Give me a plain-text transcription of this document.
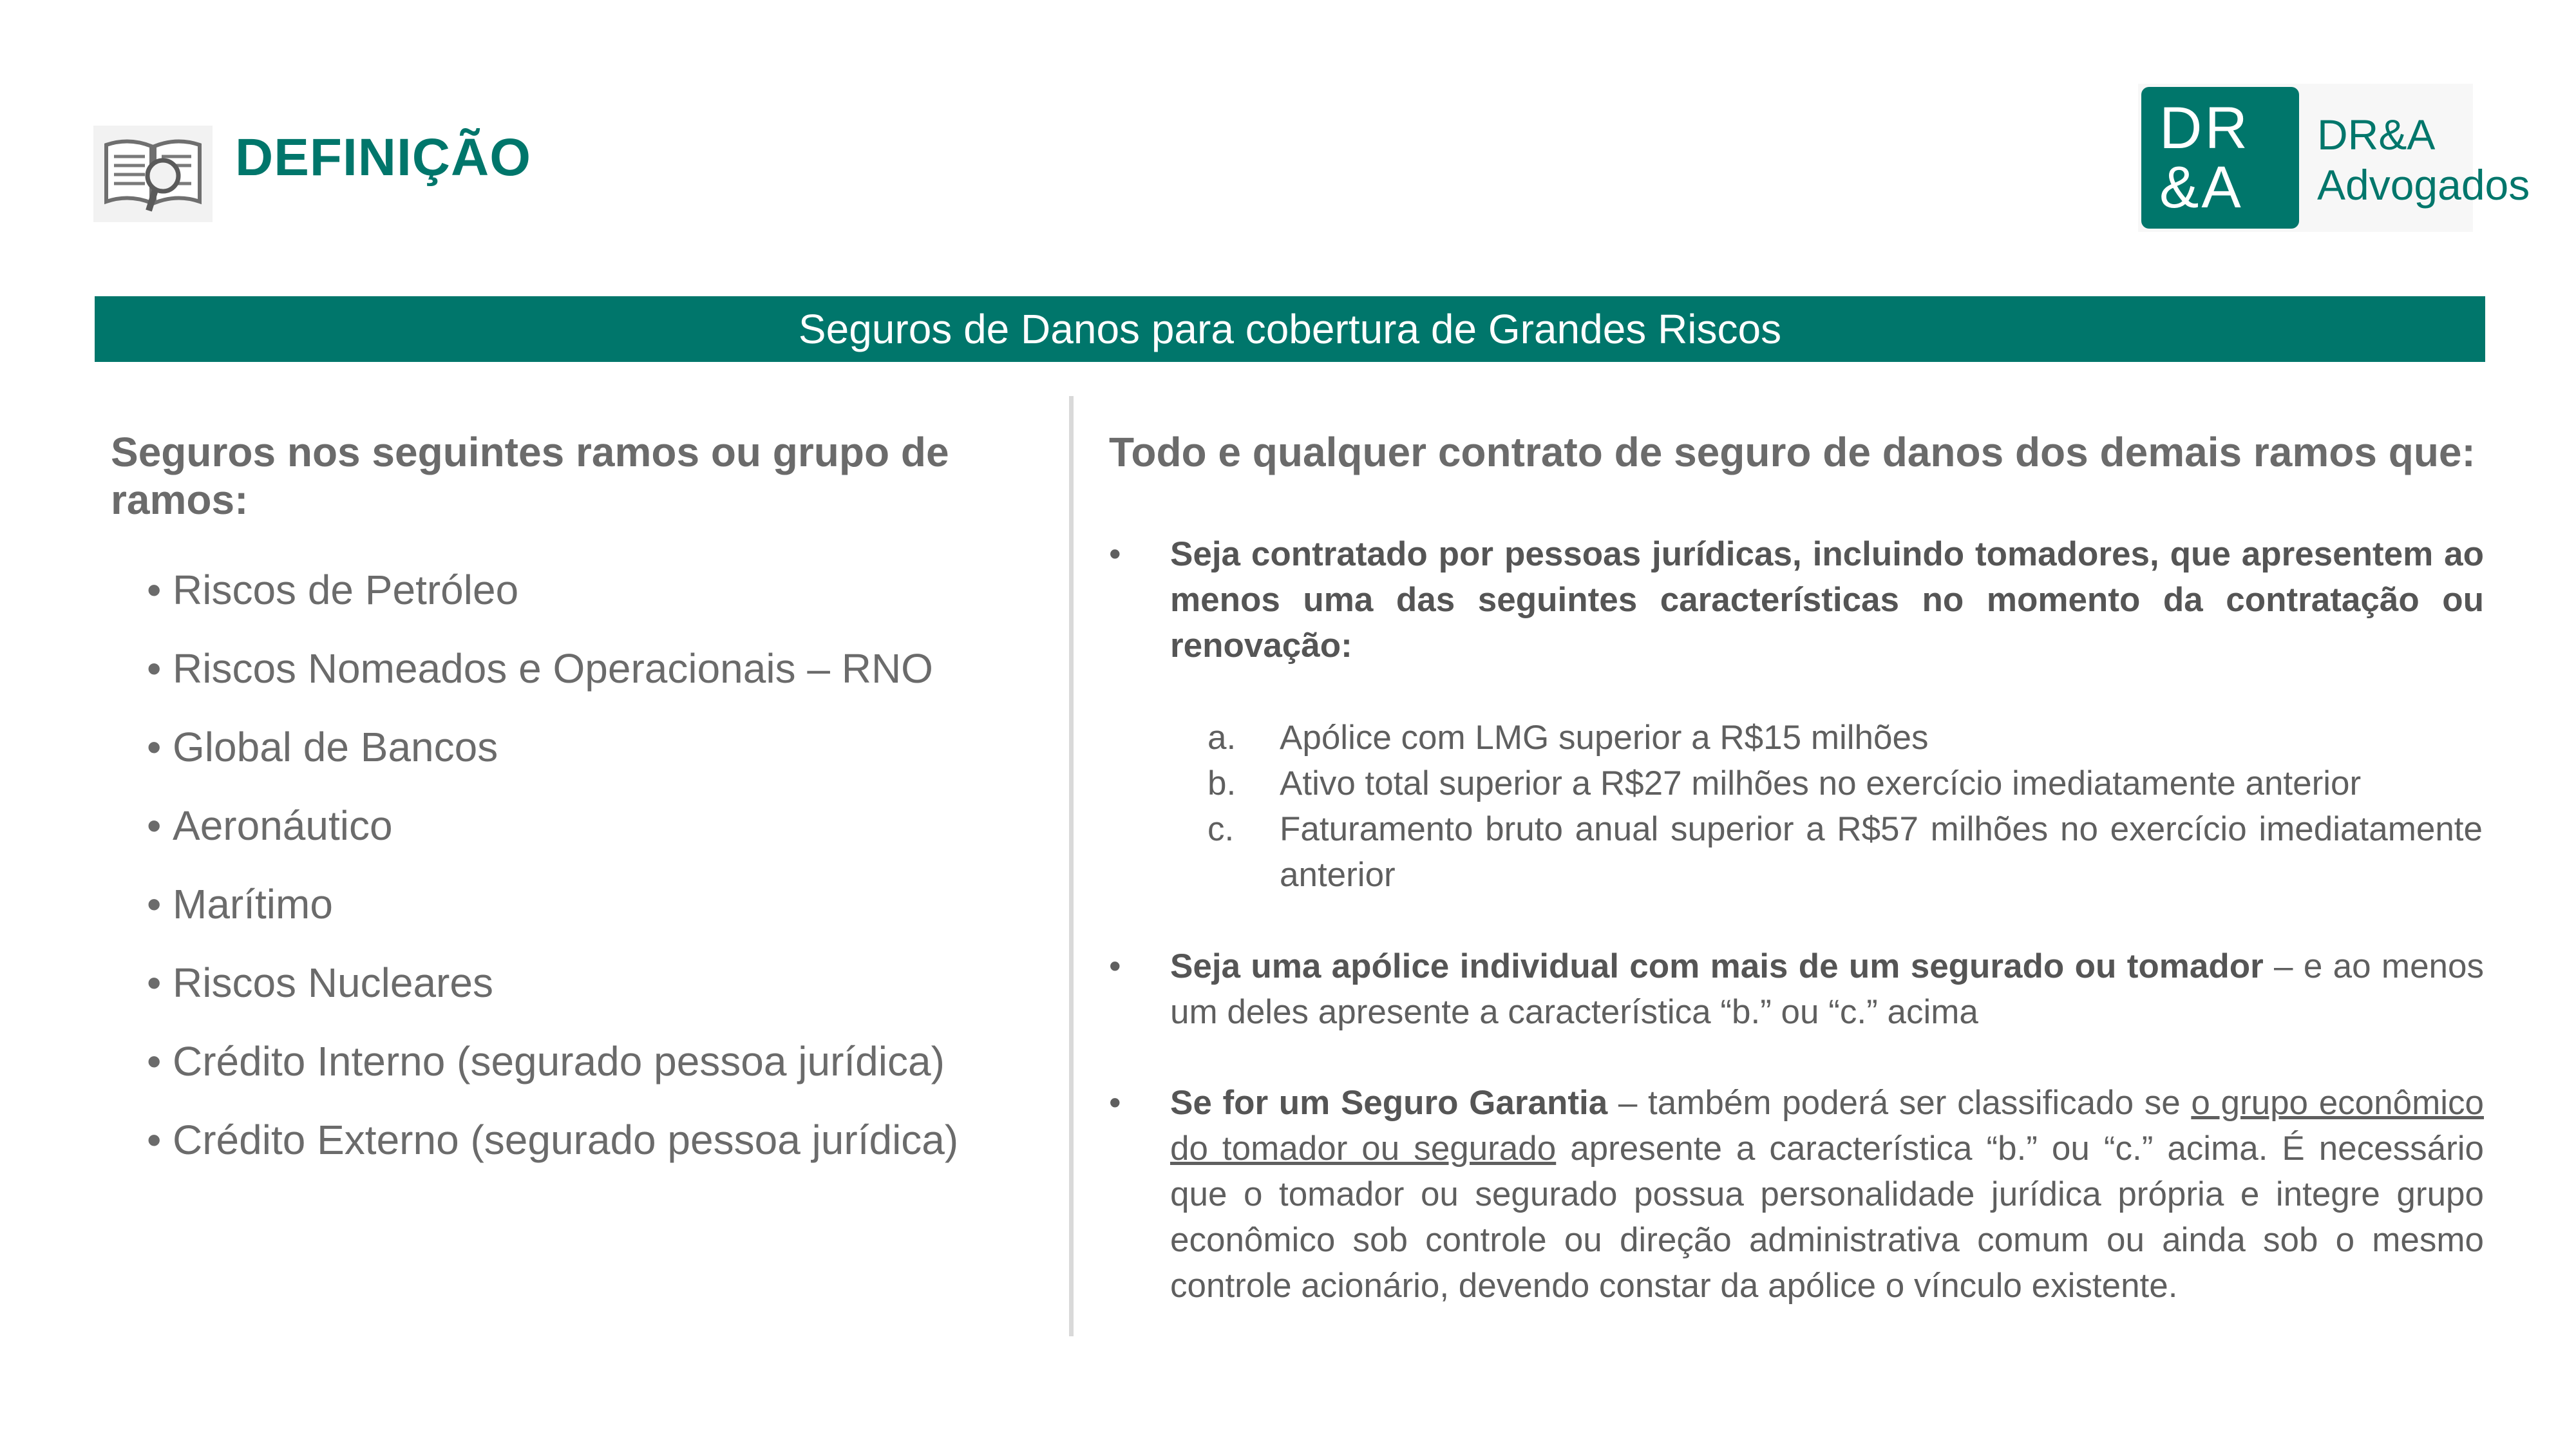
DEFINIÇÃO	DR
&A
DR&A
Advogados
Seguros de Danos para cobertura de Grandes Riscos
Seguros nos seguintes ramos ou grupo de ramos:
• Riscos de Petróleo
• Riscos Nomeados e Operacionais – RNO
• Global de Bancos
• Aeronáutico
• Marítimo
• Riscos Nucleares
• Crédito Interno (segurado pessoa jurídica)
• Crédito Externo (segurado pessoa jurídica)
Todo e qualquer contrato de seguro de danos dos demais ramos que:
•	Seja contratado por pessoas jurídicas, incluindo tomadores, que apresentem ao menos uma das seguintes características no momento da contratação ou renovação:
a.	Apólice com LMG superior a R$15 milhões
b.	Ativo total superior a R$27 milhões no exercício imediatamente anterior
c.	Faturamento bruto anual superior a R$57 milhões no exercício imediatamente anterior
•	Seja uma apólice individual com mais de um segurado ou tomador – e ao menos um deles apresente a característica “b.” ou “c.” acima
•	Se for um Seguro Garantia – também poderá ser classificado se o grupo econômico do tomador ou segurado apresente a característica “b.” ou “c.” acima. É necessário que o tomador ou segurado possua personalidade jurídica própria e integre grupo econômico sob controle ou direção administrativa comum ou ainda sob o mesmo controle acionário, devendo constar da apólice o vínculo existente.
